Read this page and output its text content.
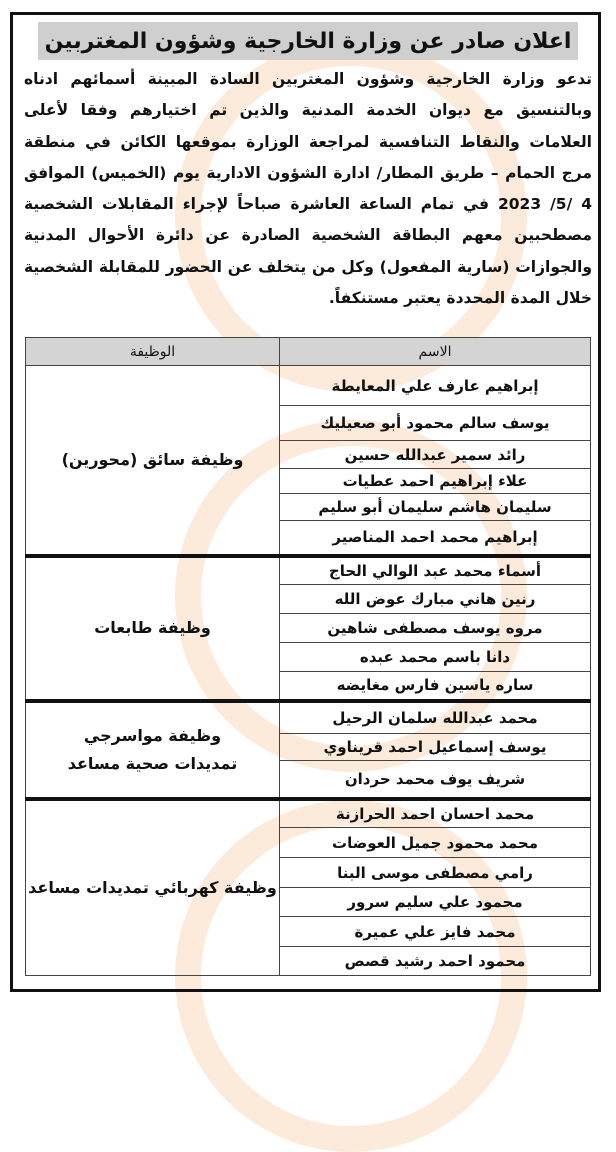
اعلان صادر عن وزارة الخارجية وشؤون المغتربين
تدعو وزارة الخارجية وشؤون المغتربين السادة المبينة أسمائهم ادناه وبالتنسيق مع ديوان الخدمة المدنية والذين تم اختيارهم وفقا لأعلى العلامات والنقاط التنافسية لمراجعة الوزارة بموقعها الكائن في منطقة مرج الحمام – طريق المطار/ ادارة الشؤون الادارية يوم (الخميس) الموافق 4 /5/ 2023 في تمام الساعة العاشرة صباحاً لإجراء المقابلات الشخصية مصطحبين معهم البطاقة الشخصية الصادرة عن دائرة الأحوال المدنية والجوازات (سارية المفعول) وكل من يتخلف عن الحضور للمقابلة الشخصية خلال المدة المحددة يعتبر مستنكفاً.
الاسم	الوظيفة
إبراهيم عارف علي المعايطة	وظيفة سائق (محورين)
يوسف سالم محمود أبو صعيليك	
رائد سمير عبدالله حسين	
علاء إبراهيم احمد عطيات	
سليمان هاشم سليمان أبو سليم	
إبراهيم محمد احمد المناصير	
أسماء محمد عبد الوالي الحاج	وظيفة طابعات
رنين هاني مبارك عوض الله	
مروه يوسف مصطفى شاهين	
دانا باسم محمد عبده	
ساره ياسين فارس مغايضه	
محمد عبدالله سلمان الرحيل	وظيفة مواسرجي تمديدات صحية مساعد
يوسف إسماعيل احمد قريناوي	
شريف يوف محمد حردان	
محمد احسان احمد الحرازنة	وظيفة كهربائي تمديدات مساعد
محمد محمود جميل العوضات	
رامي مصطفى موسى البنا	
محمود علي سليم سرور	
محمد فايز علي عميرة	
محمود احمد رشيد قصص	
